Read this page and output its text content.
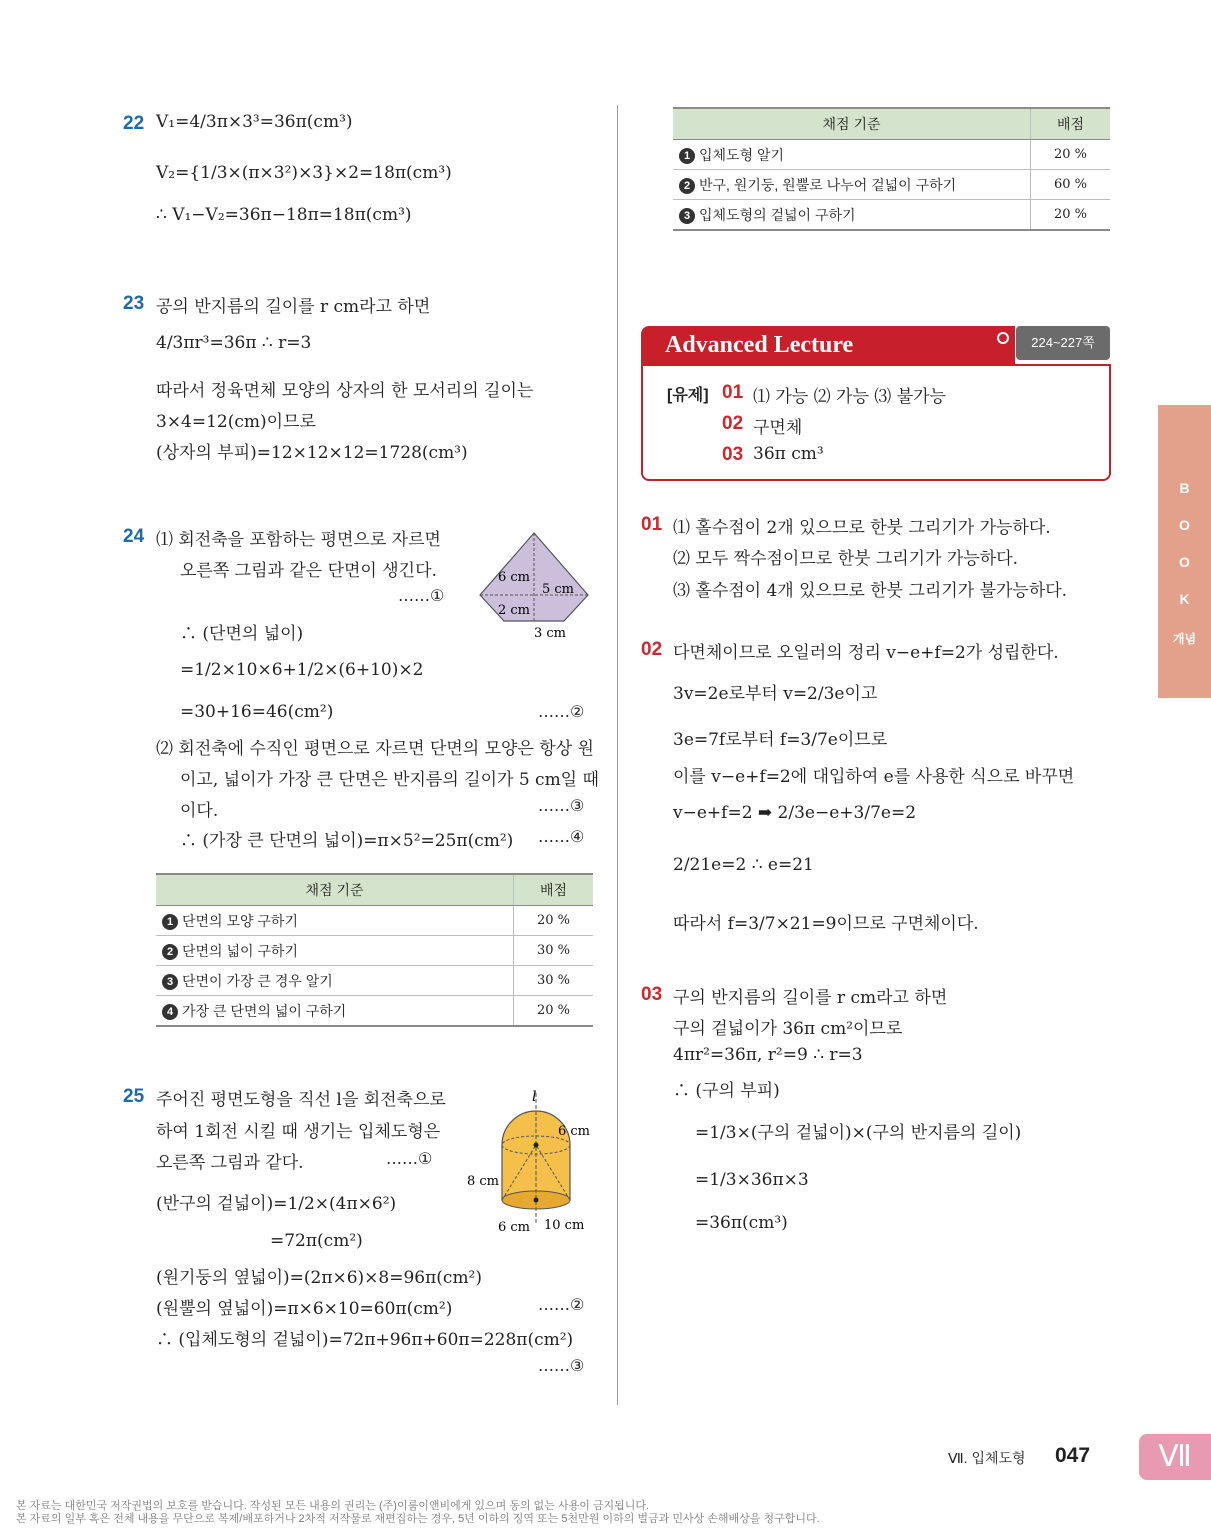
22 V₁=4/3π×3³=36π(cm³)
V₂={1/3×(π×3²)×3}×2=18π(cm³)
∴ V₁−V₂=36π−18π=18π(cm³)
23 공의 반지름의 길이를 r cm라고 하면
4/3πr³=36π ∴ r=3
따라서 정육면체 모양의 상자의 한 모서리의 길이는
3×4=12(cm)이므로
(상자의 부피)=12×12×12=1728(cm³)
24 ⑴ 회전축을 포함하는 평면으로 자르면
오른쪽 그림과 같은 단면이 생긴다.
……①
6 cm
5 cm
2 cm
3 cm
∴ (단면의 넓이)
=1/2×10×6+1/2×(6+10)×2
=30+16=46(cm²)	……②
⑵ 회전축에 수직인 평면으로 자르면 단면의 모양은 항상 원
이고, 넓이가 가장 큰 단면은 반지름의 길이가 5 cm일 때
이다.	……③
∴ (가장 큰 단면의 넓이)=π×5²=25π(cm²) ……④
채점 기준	배점
1 단면의 모양 구하기	20 %
2 단면의 넓이 구하기	30 %
3 단면이 가장 큰 경우 알기	30 %
4 가장 큰 단면의 넓이 구하기	20 %
25 주어진 평면도형을 직선 l을 회전축으로
하여 1회전 시킬 때 생기는 입체도형은
오른쪽 그림과 같다.	……①
l
6 cm
8 cm
6 cm 10 cm
(반구의 겉넓이)=1/2×(4π×6²)
=72π(cm²)
(원기둥의 옆넓이)=(2π×6)×8=96π(cm²)
(원뿔의 옆넓이)=π×6×10=60π(cm²)	……②
∴ (입체도형의 겉넓이)=72π+96π+60π=228π(cm²)
……③
채점 기준	배점
1 입체도형 알기	20 %
2 반구, 원기둥, 원뿔로 나누어 겉넓이 구하기	60 %
3 입체도형의 겉넓이 구하기	20 %
Advanced Lecture	224~227쪽
[유제] 01 ⑴ 가능 ⑵ 가능 ⑶ 불가능
02 구면체
03 36π cm³
01 ⑴ 홀수점이 2개 있으므로 한붓 그리기가 가능하다.
⑵ 모두 짝수점이므로 한붓 그리기가 가능하다.
⑶ 홀수점이 4개 있으므로 한붓 그리기가 불가능하다.
02 다면체이므로 오일러의 정리 v−e+f=2가 성립한다.
3v=2e로부터 v=2/3e이고
3e=7f로부터 f=3/7e이므로
이를 v−e+f=2에 대입하여 e를 사용한 식으로 바꾸면
v−e+f=2 ➡ 2/3e−e+3/7e=2
2/21e=2 ∴ e=21
따라서 f=3/7×21=9이므로 구면체이다.
03 구의 반지름의 길이를 r cm라고 하면
구의 겉넓이가 36π cm²이므로
4πr²=36π, r²=9 ∴ r=3
∴ (구의 부피)
=1/3×(구의 겉넓이)×(구의 반지름의 길이)
=1/3×36π×3
=36π(cm³)
B
O
O
K
개념
Ⅶ. 입체도형 047	Ⅶ
본 자료는 대한민국 저작권법의 보호를 받습니다. 작성된 모든 내용의 권리는 (주)이룸이앤비에게 있으며 동의 없는 사용이 금지됩니다.
본 자료의 일부 혹은 전체 내용을 무단으로 복제/배포하거나 2차적 저작물로 재편집하는 경우, 5년 이하의 징역 또는 5천만원 이하의 벌금과 민사상 손해배상을 청구합니다.
